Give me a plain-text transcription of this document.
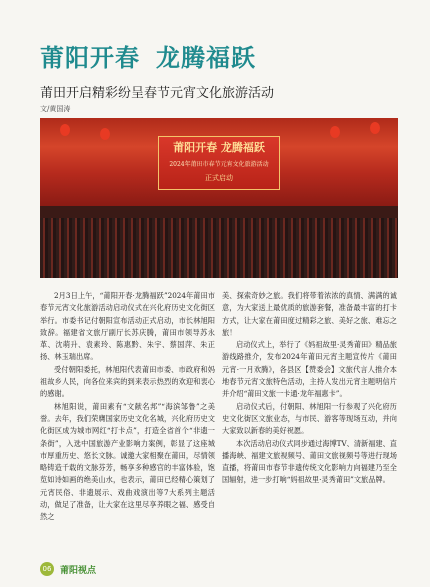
莆阳开春 龙腾福跃
莆田开启精彩纷呈春节元宵文化旅游活动
文/黄国涛
莆阳开春 龙腾福跃
2024年莆田市春节元宵文化旅游活动
正式启动

2月3日上午，“莆阳开春·龙腾福跃”2024年莆田市春节元宵文化旅游活动启动仪式在兴化府历史文化街区举行。市委书记付朝阳宣布活动正式启动，市长林旭阳致辞。福建省文旅厅副厅长苏庆腾，莆田市领导苏永革、沈萌升、袁素玲、陈惠黔、朱宇、蔡国萍、朱正扬、林玉瑞出席。

受付朝阳委托，林旭阳代表莆田市委、市政府和妈祖故乡人民，向各位来宾的到来表示热烈的欢迎和衷心的感谢。

林旭阳说，莆田素有“文献名邦”“海滨邹鲁”之美誉。去年，我们荣膺国家历史文化名城，兴化府历史文化街区成为城市网红“打卡点”，打造全省首个“非遗一条街”，入选中国旅游产业影响力案例，彰显了这座城市厚重历史、悠长文脉。诚邀大家相聚在莆田，尽情领略铸造千载的文脉芬芳，畅享多种感官的丰富体验，饱览如诗如画的绝美山水，也表示，莆田已经精心策划了元宵民俗、非遗展示、戏曲戏演出等7大系列主题活动，做足了准备，让大家在这里尽享养眼之福、感受自然之

美、探索奇妙之旅。我们将带着浓浓的真情、满满的诚意，为大家送上最优质的旅游套餐，准备最丰富的打卡方式，让大家在莆田度过精彩之旅、美好之旅、难忘之旅！

启动仪式上，举行了《妈祖故里·灵秀莆田》精品旅游线路推介，发布2024年莆田元宵主题宣传片《莆田元宵·一月欢腾》，各县区【赞委会】文旅代言人推介本地春节元宵文旅特色活动，主持人发出元宵主题明信片并介绍“莆田文旅一卡通·龙年福惠卡”。

启动仪式后，付朝阳、林旭阳一行参观了兴化府历史文化街区文旅业态，与市民、游客等现场互动，并向大家致以新春的美好祝愿。

本次活动启动仪式同步通过海博TV、清新福建、直播海峡、福建文旅视频号、莆田文旅视频号等进行现场直播，将莆田市春节非遗传统文化影响力向福建乃至全国辐射，进一步打响“妈祖故里·灵秀莆田”文旅品牌。

06 莆阳视点
